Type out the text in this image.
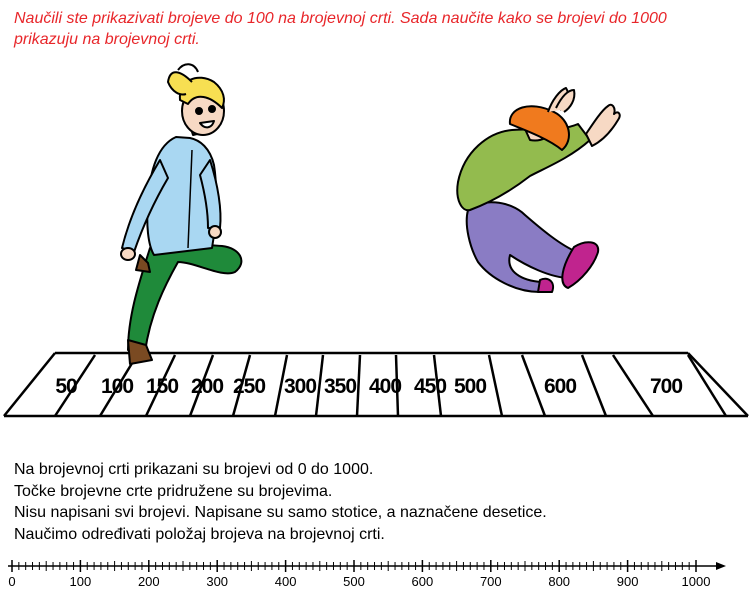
Naučili ste prikazivati brojeve do 100 na brojevnoj crti. Sada naučite kako se brojevi do 1000 prikazuju na brojevnoj crti.

50 100 150 200 250 300 350 400 450 500	600	700

Na brojevnoj crti prikazani su brojevi od 0 do 1000.

Točke brojevne crte pridružene su brojevima.

Nisu napisani svi brojevi. Napisane su samo stotice, a naznačene desetice.

Naučimo određivati položaj brojeva na brojevnoj crti.

0	100	200	300	400	500	600	700	800	900	1000
